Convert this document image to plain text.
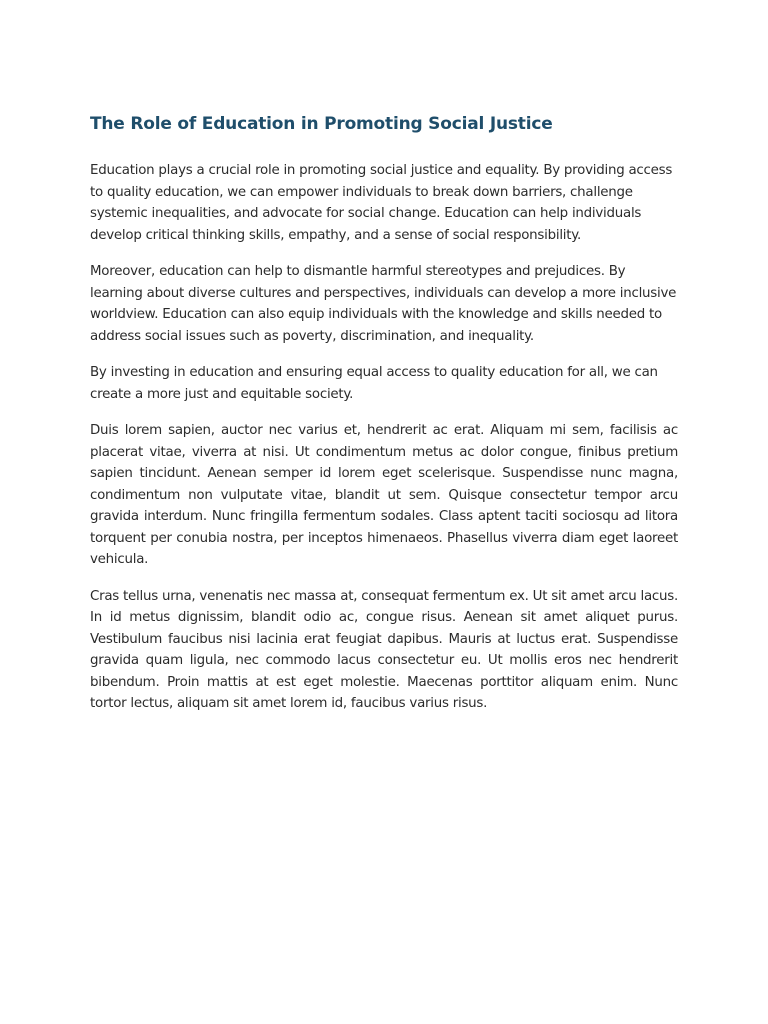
The Role of Education in Promoting Social Justice

Education plays a crucial role in promoting social justice and equality. By providing access to quality education, we can empower individuals to break down barriers, challenge systemic inequalities, and advocate for social change. Education can help individuals develop critical thinking skills, empathy, and a sense of social responsibility.

Moreover, education can help to dismantle harmful stereotypes and prejudices. By learning about diverse cultures and perspectives, individuals can develop a more inclusive worldview. Education can also equip individuals with the knowledge and skills needed to address social issues such as poverty, discrimination, and inequality.

By investing in education and ensuring equal access to quality education for all, we can create a more just and equitable society.

Duis lorem sapien, auctor nec varius et, hendrerit ac erat. Aliquam mi sem, facilisis ac placerat vitae, viverra at nisi. Ut condimentum metus ac dolor congue, finibus pretium sapien tincidunt. Aenean semper id lorem eget scelerisque. Suspendisse nunc magna, condimentum non vulputate vitae, blandit ut sem. Quisque consectetur tempor arcu gravida interdum. Nunc fringilla fermentum sodales. Class aptent taciti sociosqu ad litora torquent per conubia nostra, per inceptos himenaeos. Phasellus viverra diam eget laoreet vehicula.

Cras tellus urna, venenatis nec massa at, consequat fermentum ex. Ut sit amet arcu lacus. In id metus dignissim, blandit odio ac, congue risus. Aenean sit amet aliquet purus. Vestibulum faucibus nisi lacinia erat feugiat dapibus. Mauris at luctus erat. Suspendisse gravida quam ligula, nec commodo lacus consectetur eu. Ut mollis eros nec hendrerit bibendum. Proin mattis at est eget molestie. Maecenas porttitor aliquam enim. Nunc tortor lectus, aliquam sit amet lorem id, faucibus varius risus.
